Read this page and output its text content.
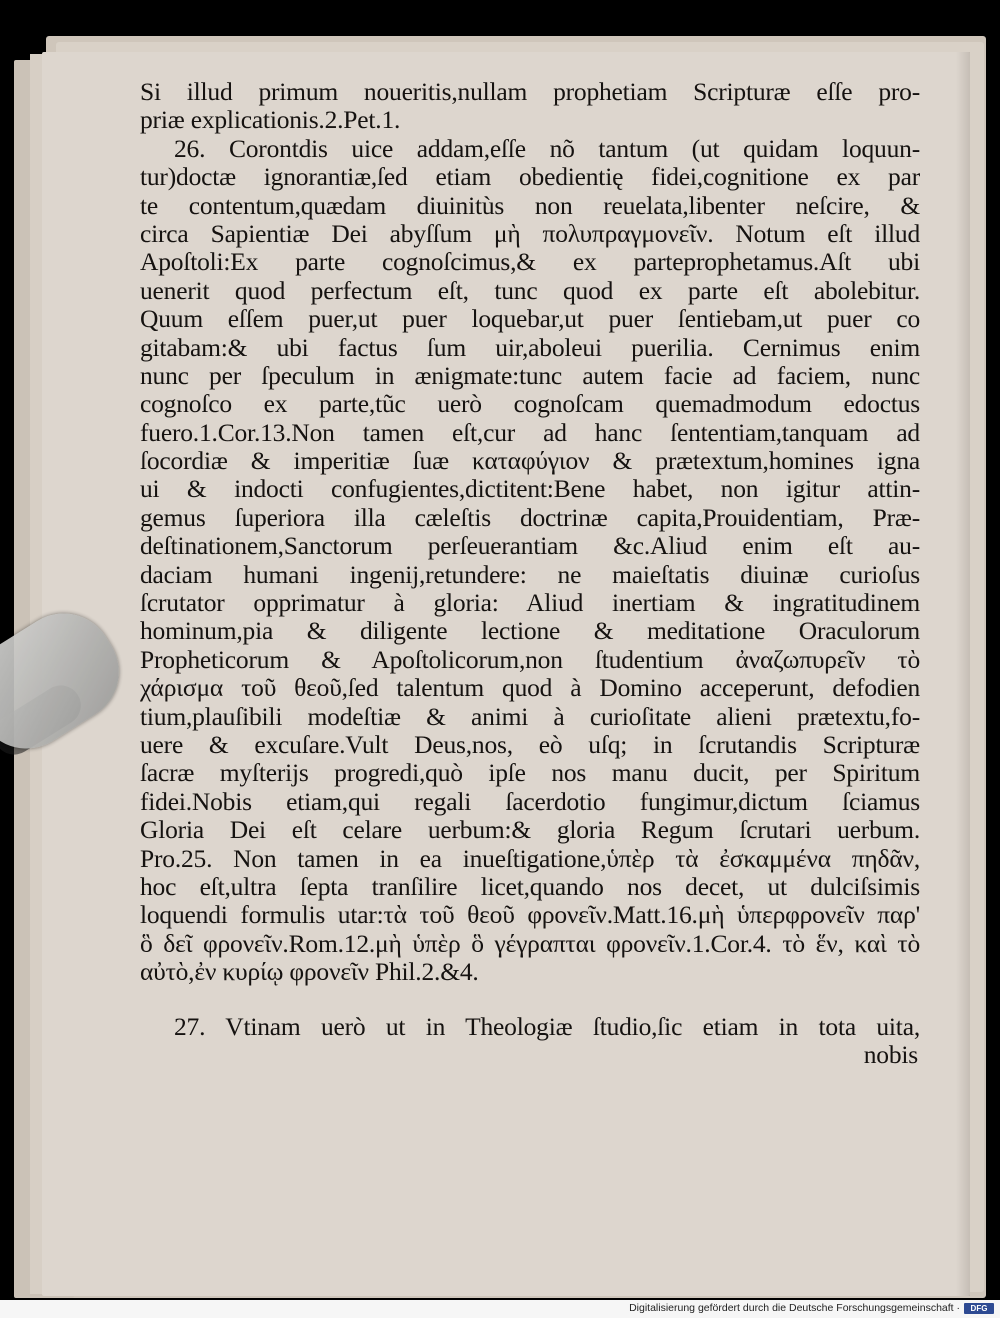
Si illud primum noueritis,nullam prophetiam Scripturæ eſſe pro-
priæ explicationis.2.Pet.1.
26. Corontdis uice addam,eſſe nõ tantum (ut quidam loquun-
tur)doctæ ignorantiæ,ſed etiam obedientię fidei,cognitione ex par
te contentum,quædam diuinitùs non reuelata,libenter neſcire, &
circa Sapientiæ Dei abyſſum μὴ πολυπραγμονεῖν. Notum eſt illud
Apoſtoli:Ex parte cognoſcimus,& ex parteprophetamus.Aſt ubi
uenerit quod perfectum eſt, tunc quod ex parte eſt abolebitur.
Quum eſſem puer,ut puer loquebar,ut puer ſentiebam,ut puer co
gitabam:& ubi factus ſum uir,aboleui puerilia. Cernimus enim
nunc per ſpeculum in ænigmate:tunc autem facie ad faciem, nunc
cognoſco ex parte,tũc uerò cognoſcam quemadmodum edoctus
fuero.1.Cor.13.Non tamen eſt,cur ad hanc ſententiam,tanquam ad
ſocordiæ & imperitiæ ſuæ καταφύγιον & prætextum,homines igna
ui & indocti confugientes,dictitent:Bene habet, non igitur attin-
gemus ſuperiora illa cæleſtis doctrinæ capita,Prouidentiam, Præ-
deſtinationem,Sanctorum perſeuerantiam &c.Aliud enim eſt au-
daciam humani ingenij,retundere: ne maieſtatis diuinæ curioſus
ſcrutator opprimatur à gloria: Aliud inertiam & ingratitudinem
hominum,pia & diligente lectione & meditatione Oraculorum
Propheticorum & Apoſtolicorum,non ſtudentium ἀναζωπυρεῖν τὸ
χάρισμα τοῦ θεοῦ,ſed talentum quod à Domino acceperunt, defodien
tium,plauſibili modeſtiæ & animi à curioſitate alieni prætextu,fo-
uere & excuſare.Vult Deus,nos, eò uſq; in ſcrutandis Scripturæ
ſacræ myſterijs progredi,quò ipſe nos manu ducit, per Spiritum
fidei.Nobis etiam,qui regali ſacerdotio fungimur,dictum ſciamus
Gloria Dei eſt celare uerbum:& gloria Regum ſcrutari uerbum.
Pro.25. Non tamen in ea inueſtigatione,ὑπὲρ τὰ ἐσκαμμένα πηδᾶν,
hoc eſt,ultra ſepta tranſilire licet,quando nos decet, ut dulciſsimis
loquendi formulis utar:τὰ τοῦ θεοῦ φρονεῖν.Matt.16.μὴ ὑπερφρονεῖν παρ'
ὃ δεῖ φρονεῖν.Rom.12.μὴ ὑπὲρ ὃ γέγραπται φρονεῖν.1.Cor.4. τὸ ἕν, καὶ τὸ
αὐτὸ,ἐν κυρίῳ φρονεῖν Phil.2.&4.
27. Vtinam uerò ut in Theologiæ ſtudio,ſic etiam in tota uita,
nobis
Digitalisierung gefördert durch die Deutsche Forschungsgemeinschaft ·	DFG
